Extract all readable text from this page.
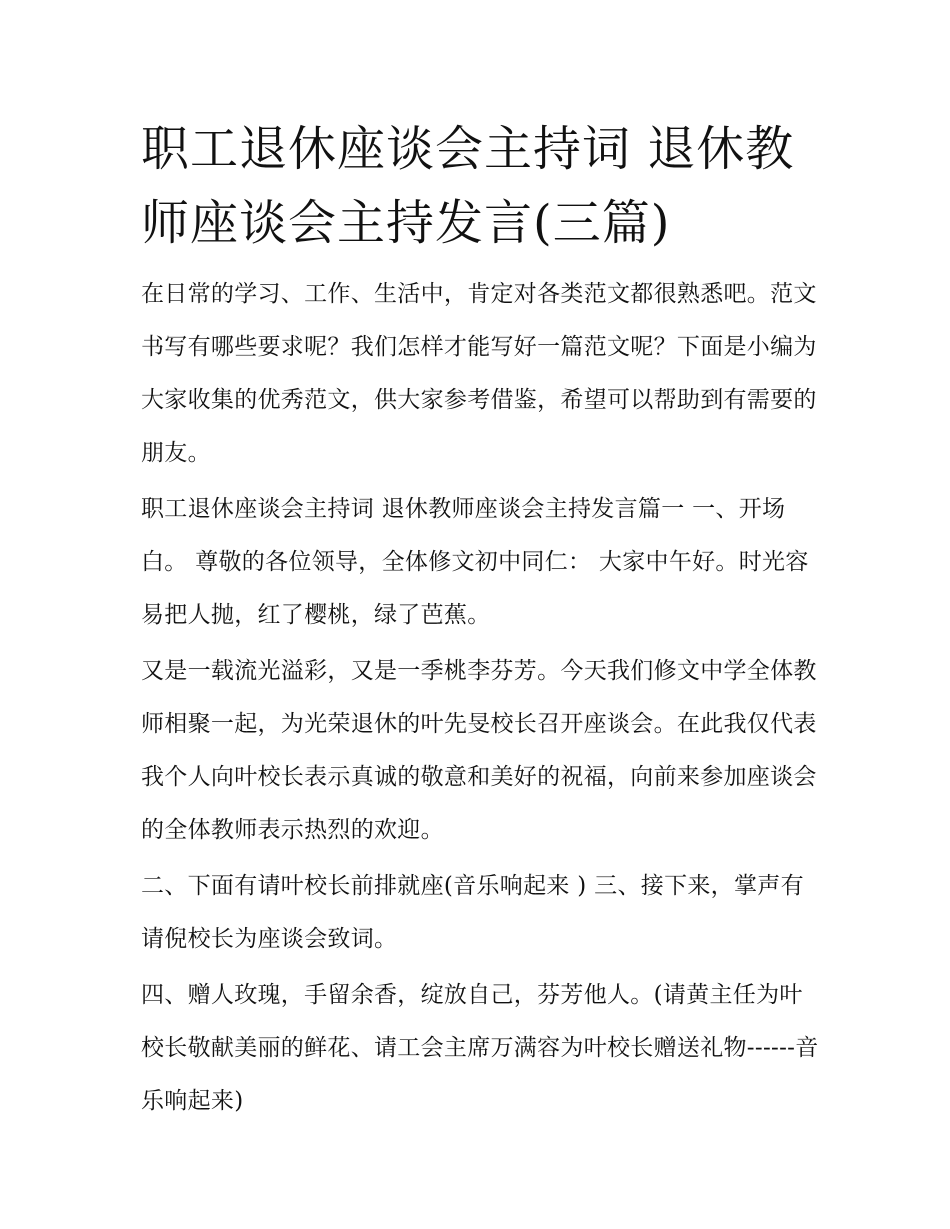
职工退休座谈会主持词 退休教师座谈会主持发言(三篇)

在日常的学习、工作、生活中，肯定对各类范文都很熟悉吧。范文书写有哪些要求呢？我们怎样才能写好一篇范文呢？下面是小编为大家收集的优秀范文，供大家参考借鉴，希望可以帮助到有需要的朋友。

职工退休座谈会主持词 退休教师座谈会主持发言篇一 一、开场白。 尊敬的各位领导，全体修文初中同仁： 大家中午好。时光容易把人抛，红了樱桃，绿了芭蕉。

又是一载流光溢彩，又是一季桃李芬芳。今天我们修文中学全体教师相聚一起，为光荣退休的叶先旻校长召开座谈会。在此我仅代表我个人向叶校长表示真诚的敬意和美好的祝福，向前来参加座谈会的全体教师表示热烈的欢迎。

二、下面有请叶校长前排就座(音乐响起来 ) 三、接下来，掌声有请倪校长为座谈会致词。

四、赠人玫瑰，手留余香，绽放自己，芬芳他人。(请黄主任为叶校长敬献美丽的鲜花、请工会主席万满容为叶校长赠送礼物------音乐响起来)
